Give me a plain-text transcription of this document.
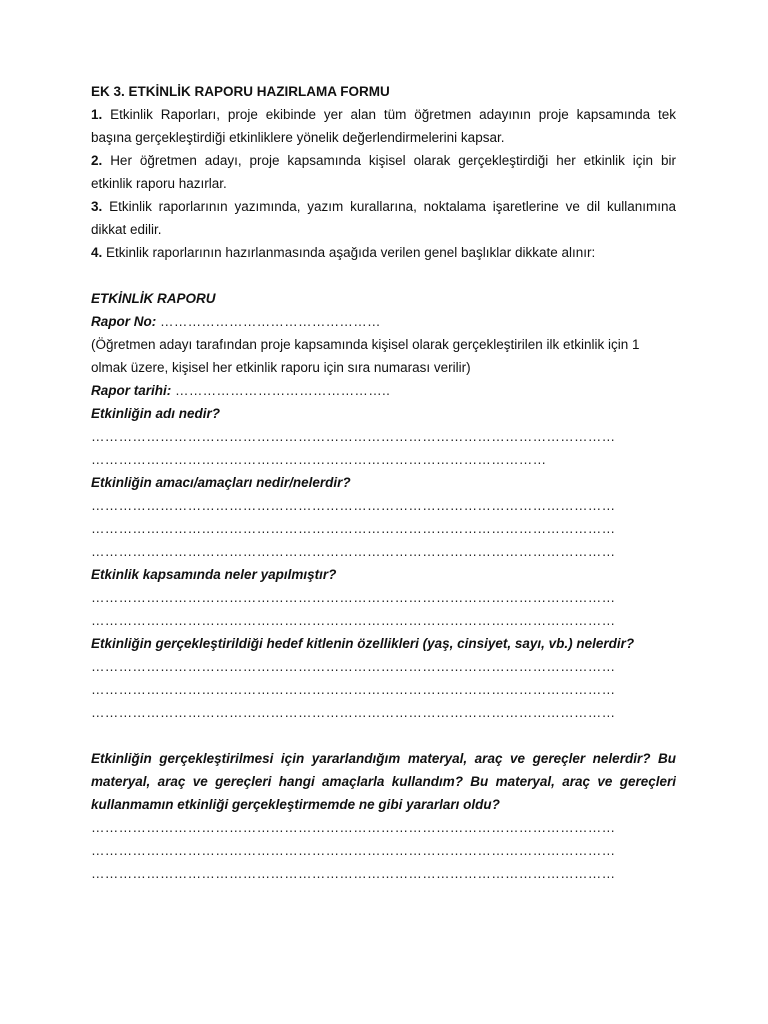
EK 3. ETKİNLİK RAPORU HAZIRLAMA FORMU
1. Etkinlik Raporları, proje ekibinde yer alan tüm öğretmen adayının proje kapsamında tek
başına gerçekleştirdiği etkinliklere yönelik değerlendirmelerini kapsar.
2. Her öğretmen adayı, proje kapsamında kişisel olarak gerçekleştirdiği her etkinlik için bir
etkinlik raporu hazırlar.
3. Etkinlik raporlarının yazımında, yazım kurallarına, noktalama işaretlerine ve dil kullanımına
dikkat edilir.
4. Etkinlik raporlarının hazırlanmasında aşağıda verilen genel başlıklar dikkate alınır:
ETKİNLİK RAPORU
Rapor No: …………………………………………
(Öğretmen adayı tarafından proje kapsamında kişisel olarak gerçekleştirilen ilk etkinlik için 1
olmak üzere, kişisel her etkinlik raporu için sıra numarası verilir)
Rapor tarihi: ………………………………………..
Etkinliğin adı nedir?
……………………………………………………………………………………………………
………………………………………………………………………………………
Etkinliğin amacı/amaçları nedir/nelerdir?
……………………………………………………………………………………………………
……………………………………………………………………………………………………
……………………………………………………………………………………………………
Etkinlik kapsamında neler yapılmıştır?
……………………………………………………………………………………………………
……………………………………………………………………………………………………
Etkinliğin gerçekleştirildiği hedef kitlenin özellikleri (yaş, cinsiyet, sayı, vb.) nelerdir?
……………………………………………………………………………………………………
……………………………………………………………………………………………………
……………………………………………………………………………………………………
Etkinliğin gerçekleştirilmesi için yararlandığım materyal, araç ve gereçler nelerdir? Bu
materyal, araç ve gereçleri hangi amaçlarla kullandım? Bu materyal, araç ve gereçleri
kullanmamın etkinliği gerçekleştirmemde ne gibi yararları oldu?
……………………………………………………………………………………………………
……………………………………………………………………………………………………
……………………………………………………………………………………………………
